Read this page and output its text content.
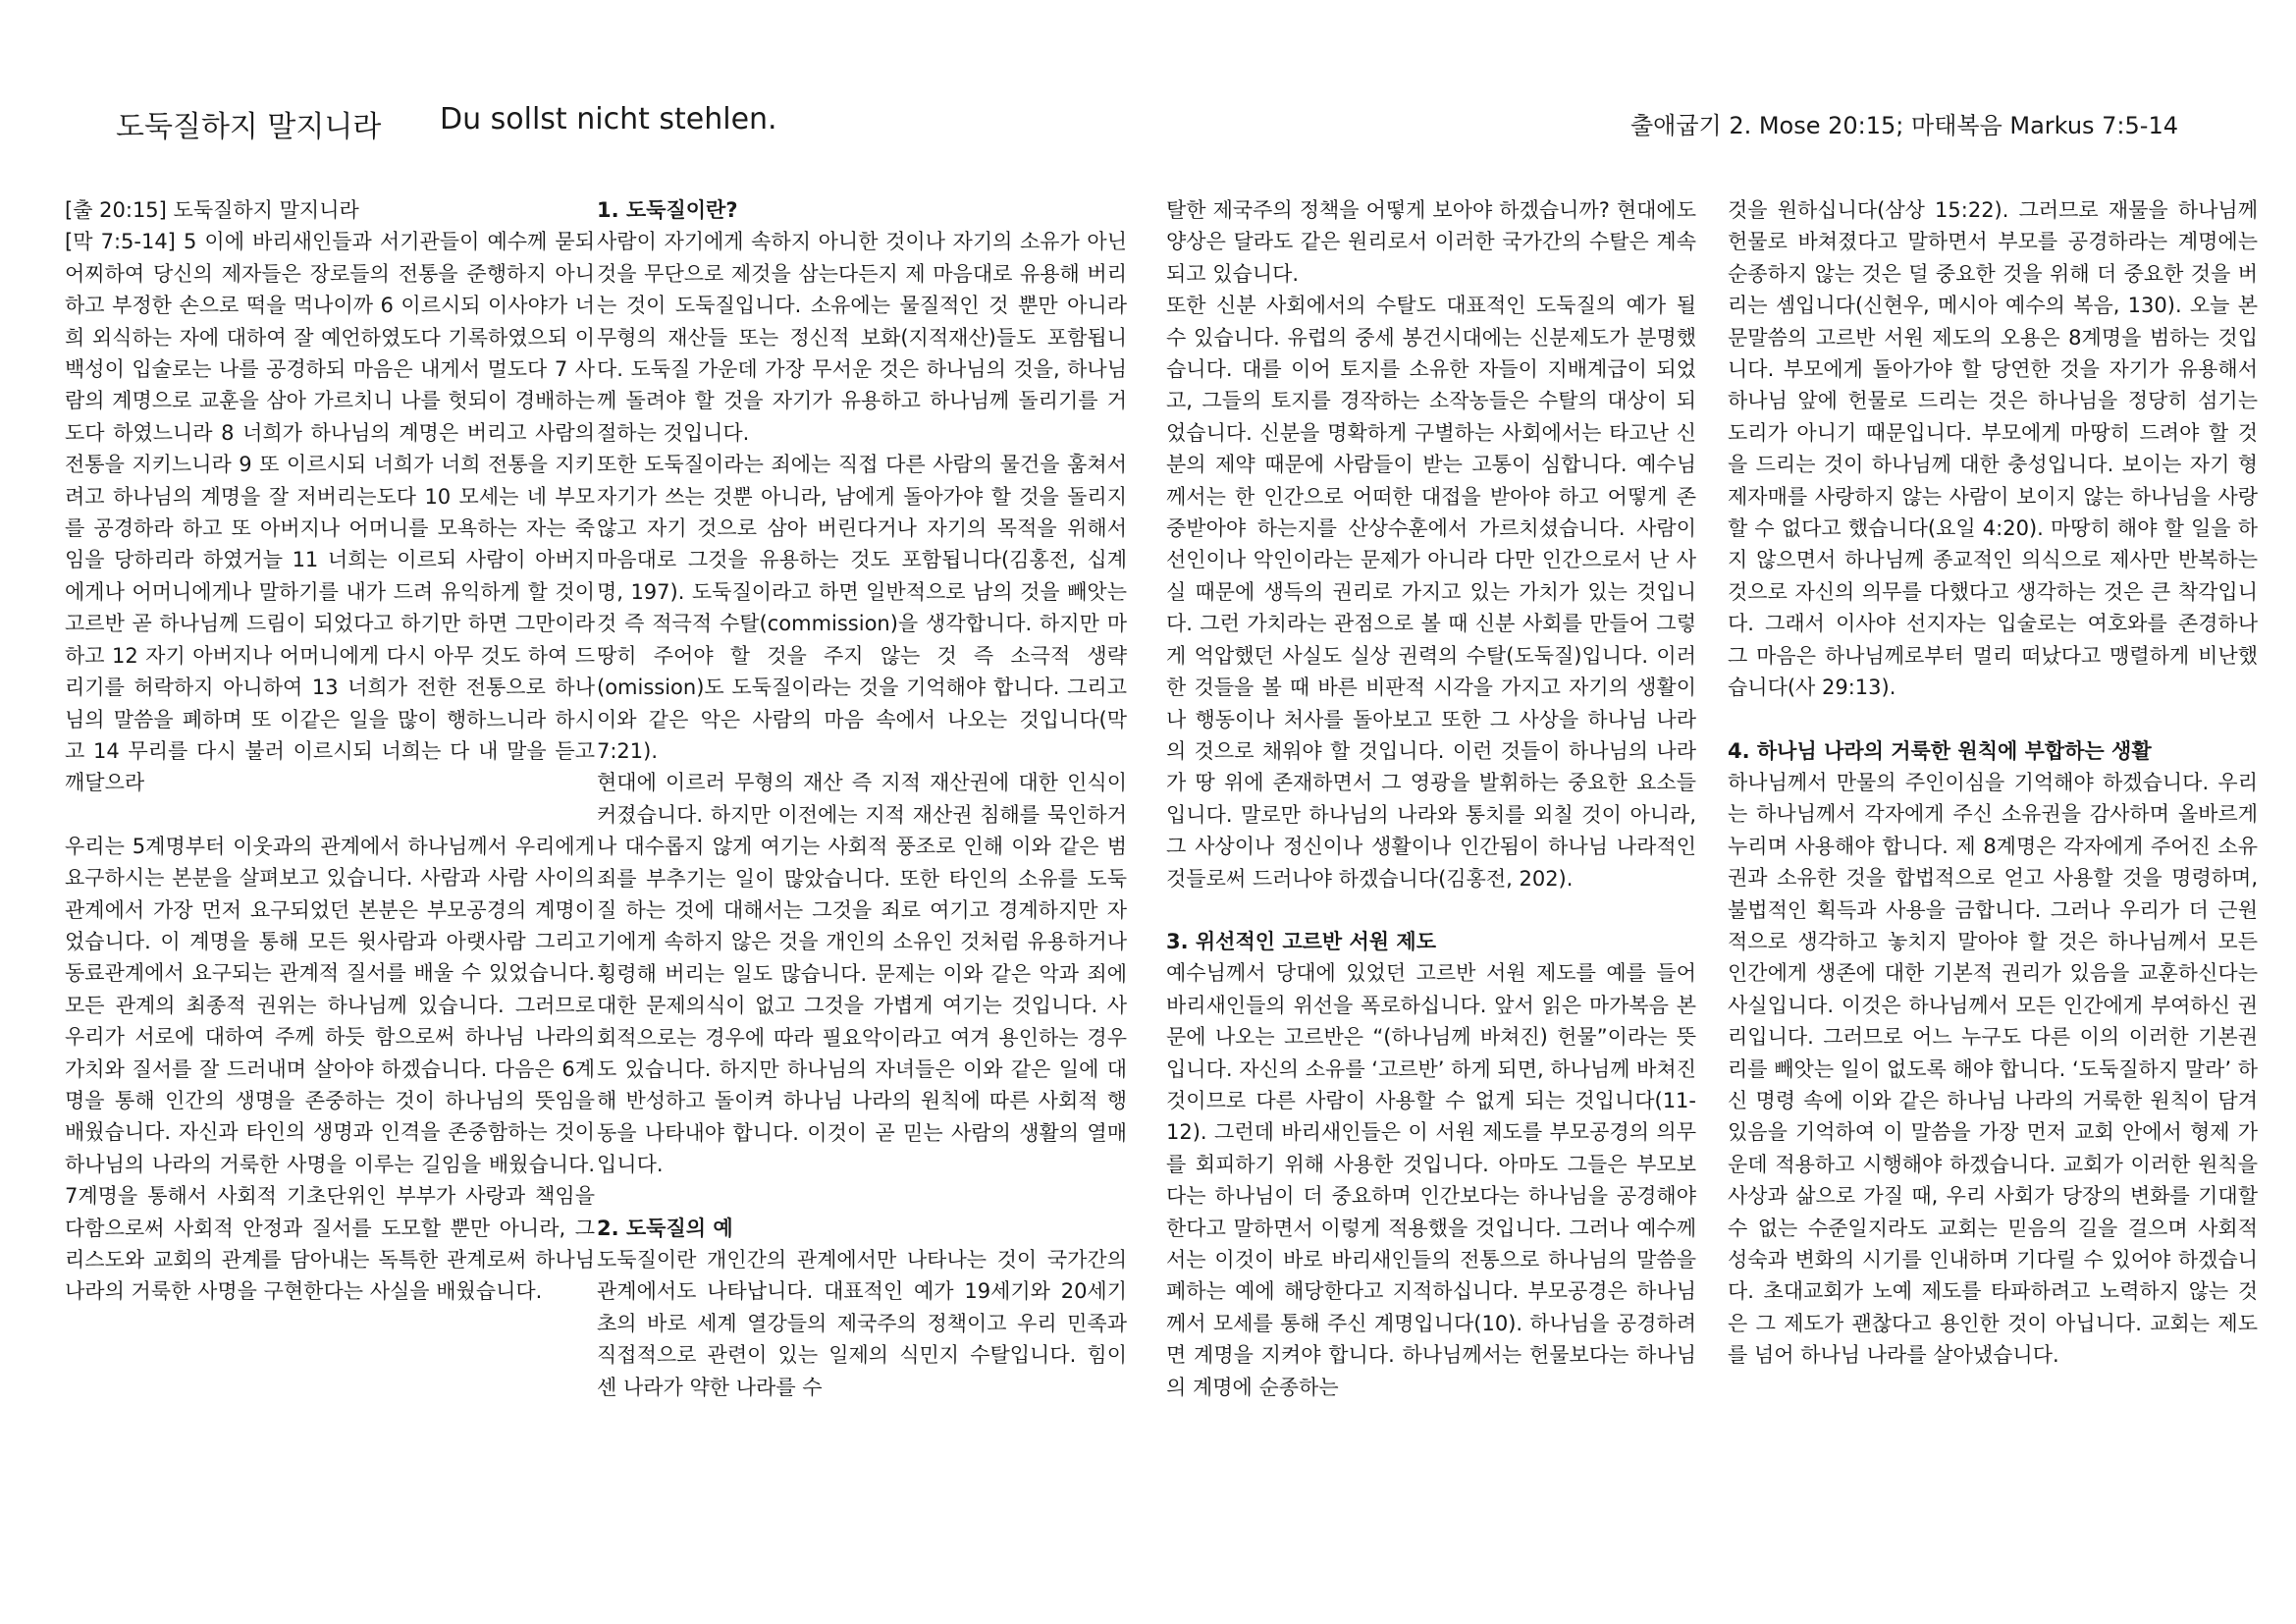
도둑질하지 말지니라 Du sollst nicht stehlen.	출애굽기 2. Mose 20:15; 마태복음 Markus 7:5-14

[출 20:15] 도둑질하지 말지니라

[막 7:5-14] 5 이에 바리새인들과 서기관들이 예수께 묻되 어찌하여 당신의 제자들은 장로들의 전통을 준행하지 아니하고 부정한 손으로 떡을 먹나이까 6 이르시되 이사야가 너희 외식하는 자에 대하여 잘 예언하였도다 기록하였으되 이 백성이 입술로는 나를 공경하되 마음은 내게서 멀도다 7 사람의 계명으로 교훈을 삼아 가르치니 나를 헛되이 경배하는도다 하였느니라 8 너희가 하나님의 계명은 버리고 사람의 전통을 지키느니라 9 또 이르시되 너희가 너희 전통을 지키려고 하나님의 계명을 잘 저버리는도다 10 모세는 네 부모를 공경하라 하고 또 아버지나 어머니를 모욕하는 자는 죽임을 당하리라 하였거늘 11 너희는 이르되 사람이 아버지에게나 어머니에게나 말하기를 내가 드려 유익하게 할 것이 고르반 곧 하나님께 드림이 되었다고 하기만 하면 그만이라 하고 12 자기 아버지나 어머니에게 다시 아무 것도 하여 드리기를 허락하지 아니하여 13 너희가 전한 전통으로 하나님의 말씀을 폐하며 또 이같은 일을 많이 행하느니라 하시고 14 무리를 다시 불러 이르시되 너희는 다 내 말을 듣고 깨달으라

우리는 5계명부터 이웃과의 관계에서 하나님께서 우리에게 요구하시는 본분을 살펴보고 있습니다. 사람과 사람 사이의 관계에서 가장 먼저 요구되었던 본분은 부모공경의 계명이었습니다. 이 계명을 통해 모든 윗사람과 아랫사람 그리고 동료관계에서 요구되는 관계적 질서를 배울 수 있었습니다. 모든 관계의 최종적 권위는 하나님께 있습니다. 그러므로 우리가 서로에 대하여 주께 하듯 함으로써 하나님 나라의 가치와 질서를 잘 드러내며 살아야 하겠습니다. 다음은 6계명을 통해 인간의 생명을 존중하는 것이 하나님의 뜻임을 배웠습니다. 자신과 타인의 생명과 인격을 존중함하는 것이 하나님의 나라의 거룩한 사명을 이루는 길임을 배웠습니다. 7계명을 통해서 사회적 기초단위인 부부가 사랑과 책임을 다함으로써 사회적 안정과 질서를 도모할 뿐만 아니라, 그리스도와 교회의 관계를 담아내는 독특한 관계로써 하나님 나라의 거룩한 사명을 구현한다는 사실을 배웠습니다.

1. 도둑질이란?

사람이 자기에게 속하지 아니한 것이나 자기의 소유가 아닌 것을 무단으로 제것을 삼는다든지 제 마음대로 유용해 버리는 것이 도둑질입니다. 소유에는 물질적인 것 뿐만 아니라 무형의 재산들 또는 정신적 보화(지적재산)들도 포함됩니다. 도둑질 가운데 가장 무서운 것은 하나님의 것을, 하나님께 돌려야 할 것을 자기가 유용하고 하나님께 돌리기를 거절하는 것입니다.

또한 도둑질이라는 죄에는 직접 다른 사람의 물건을 훔쳐서 자기가 쓰는 것뿐 아니라, 남에게 돌아가야 할 것을 돌리지 않고 자기 것으로 삼아 버린다거나 자기의 목적을 위해서 마음대로 그것을 유용하는 것도 포함됩니다(김홍전, 십계명, 197). 도둑질이라고 하면 일반적으로 남의 것을 빼앗는 것 즉 적극적 수탈(commission)을 생각합니다. 하지만 마땅히 주어야 할 것을 주지 않는 것 즉 소극적 생략(omission)도 도둑질이라는 것을 기억해야 합니다. 그리고 이와 같은 악은 사람의 마음 속에서 나오는 것입니다(막 7:21).

현대에 이르러 무형의 재산 즉 지적 재산권에 대한 인식이 커졌습니다. 하지만 이전에는 지적 재산권 침해를 묵인하거나 대수롭지 않게 여기는 사회적 풍조로 인해 이와 같은 범죄를 부추기는 일이 많았습니다. 또한 타인의 소유를 도둑질 하는 것에 대해서는 그것을 죄로 여기고 경계하지만 자기에게 속하지 않은 것을 개인의 소유인 것처럼 유용하거나 횡령해 버리는 일도 많습니다. 문제는 이와 같은 악과 죄에 대한 문제의식이 없고 그것을 가볍게 여기는 것입니다. 사회적으로는 경우에 따라 필요악이라고 여겨 용인하는 경우도 있습니다. 하지만 하나님의 자녀들은 이와 같은 일에 대해 반성하고 돌이켜 하나님 나라의 원칙에 따른 사회적 행동을 나타내야 합니다. 이것이 곧 믿는 사람의 생활의 열매입니다.

2. 도둑질의 예

도둑질이란 개인간의 관계에서만 나타나는 것이 국가간의 관계에서도 나타납니다. 대표적인 예가 19세기와 20세기 초의 바로 세계 열강들의 제국주의 정책이고 우리 민족과 직접적으로 관련이 있는 일제의 식민지 수탈입니다. 힘이 센 나라가 약한 나라를 수

탈한 제국주의 정책을 어떻게 보아야 하겠습니까? 현대에도 양상은 달라도 같은 원리로서 이러한 국가간의 수탈은 계속되고 있습니다.

또한 신분 사회에서의 수탈도 대표적인 도둑질의 예가 될 수 있습니다. 유럽의 중세 봉건시대에는 신분제도가 분명했습니다. 대를 이어 토지를 소유한 자들이 지배계급이 되었고, 그들의 토지를 경작하는 소작농들은 수탈의 대상이 되었습니다. 신분을 명확하게 구별하는 사회에서는 타고난 신분의 제약 때문에 사람들이 받는 고통이 심합니다. 예수님께서는 한 인간으로 어떠한 대접을 받아야 하고 어떻게 존중받아야 하는지를 산상수훈에서 가르치셨습니다. 사람이 선인이나 악인이라는 문제가 아니라 다만 인간으로서 난 사실 때문에 생득의 권리로 가지고 있는 가치가 있는 것입니다. 그런 가치라는 관점으로 볼 때 신분 사회를 만들어 그렇게 억압했던 사실도 실상 권력의 수탈(도둑질)입니다. 이러한 것들을 볼 때 바른 비판적 시각을 가지고 자기의 생활이나 행동이나 처사를 돌아보고 또한 그 사상을 하나님 나라의 것으로 채워야 할 것입니다. 이런 것들이 하나님의 나라가 땅 위에 존재하면서 그 영광을 발휘하는 중요한 요소들입니다. 말로만 하나님의 나라와 통치를 외칠 것이 아니라, 그 사상이나 정신이나 생활이나 인간됨이 하나님 나라적인 것들로써 드러나야 하겠습니다(김홍전, 202).

3. 위선적인 고르반 서원 제도

예수님께서 당대에 있었던 고르반 서원 제도를 예를 들어 바리새인들의 위선을 폭로하십니다. 앞서 읽은 마가복음 본문에 나오는 고르반은 “(하나님께 바쳐진) 헌물”이라는 뜻입니다. 자신의 소유를 ‘고르반’ 하게 되면, 하나님께 바쳐진 것이므로 다른 사람이 사용할 수 없게 되는 것입니다(11-12). 그런데 바리새인들은 이 서원 제도를 부모공경의 의무를 회피하기 위해 사용한 것입니다. 아마도 그들은 부모보다는 하나님이 더 중요하며 인간보다는 하나님을 공경해야 한다고 말하면서 이렇게 적용했을 것입니다. 그러나 예수께서는 이것이 바로 바리새인들의 전통으로 하나님의 말씀을 폐하는 예에 해당한다고 지적하십니다. 부모공경은 하나님께서 모세를 통해 주신 계명입니다(10). 하나님을 공경하려면 계명을 지켜야 합니다. 하나님께서는 헌물보다는 하나님의 계명에 순종하는

것을 원하십니다(삼상 15:22). 그러므로 재물을 하나님께 헌물로 바쳐졌다고 말하면서 부모를 공경하라는 계명에는 순종하지 않는 것은 덜 중요한 것을 위해 더 중요한 것을 버리는 셈입니다(신현우, 메시아 예수의 복음, 130). 오늘 본문말씀의 고르반 서원 제도의 오용은 8계명을 범하는 것입니다. 부모에게 돌아가야 할 당연한 것을 자기가 유용해서 하나님 앞에 헌물로 드리는 것은 하나님을 정당히 섬기는 도리가 아니기 때문입니다. 부모에게 마땅히 드려야 할 것을 드리는 것이 하나님께 대한 충성입니다. 보이는 자기 형제자매를 사랑하지 않는 사람이 보이지 않는 하나님을 사랑할 수 없다고 했습니다(요일 4:20). 마땅히 해야 할 일을 하지 않으면서 하나님께 종교적인 의식으로 제사만 반복하는 것으로 자신의 의무를 다했다고 생각하는 것은 큰 착각입니다. 그래서 이사야 선지자는 입술로는 여호와를 존경하나 그 마음은 하나님께로부터 멀리 떠났다고 맹렬하게 비난했습니다(사 29:13).

4. 하나님 나라의 거룩한 원칙에 부합하는 생활

하나님께서 만물의 주인이심을 기억해야 하겠습니다. 우리는 하나님께서 각자에게 주신 소유권을 감사하며 올바르게 누리며 사용해야 합니다. 제 8계명은 각자에게 주어진 소유권과 소유한 것을 합법적으로 얻고 사용할 것을 명령하며, 불법적인 획득과 사용을 금합니다. 그러나 우리가 더 근원적으로 생각하고 놓치지 말아야 할 것은 하나님께서 모든 인간에게 생존에 대한 기본적 권리가 있음을 교훈하신다는 사실입니다. 이것은 하나님께서 모든 인간에게 부여하신 권리입니다. 그러므로 어느 누구도 다른 이의 이러한 기본권리를 빼앗는 일이 없도록 해야 합니다. ‘도둑질하지 말라’ 하신 명령 속에 이와 같은 하나님 나라의 거룩한 원칙이 담겨 있음을 기억하여 이 말씀을 가장 먼저 교회 안에서 형제 가운데 적용하고 시행해야 하겠습니다. 교회가 이러한 원칙을 사상과 삶으로 가질 때, 우리 사회가 당장의 변화를 기대할 수 없는 수준일지라도 교회는 믿음의 길을 걸으며 사회적 성숙과 변화의 시기를 인내하며 기다릴 수 있어야 하겠습니다. 초대교회가 노예 제도를 타파하려고 노력하지 않는 것은 그 제도가 괜찮다고 용인한 것이 아닙니다. 교회는 제도를 넘어 하나님 나라를 살아냈습니다.
